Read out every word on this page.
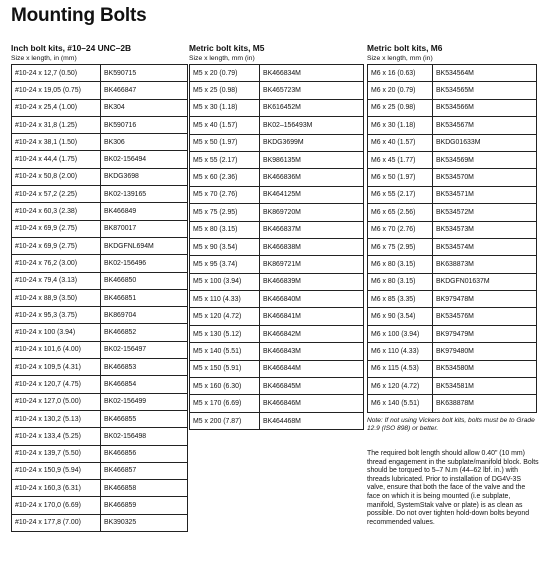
Mounting Bolts
Inch bolt kits, #10–24 UNC–2B
Size x length, in (mm)
#10-24 x 12,7 (0.50)	BK590715
#10-24 x 19,05 (0.75)	BK466847
#10-24 x 25,4 (1.00)	BK304
#10-24 x 31,8 (1.25)	BK590716
#10-24 x 38,1 (1.50)	BK306
#10-24 x 44,4 (1.75)	BK02-156494
#10-24 x 50,8 (2.00)	BKDG3698
#10-24 x 57,2 (2.25)	BK02-139165
#10-24 x 60,3 (2.38)	BK466849
#10-24 x 69,9 (2.75)	BK870017
#10-24 x 69,9 (2.75)	BKDGFNL694M
#10-24 x 76,2 (3.00)	BK02-156496
#10-24 x 79,4 (3.13)	BK466850
#10-24 x 88,9 (3.50)	BK466851
#10-24 x 95,3 (3.75)	BK869704
#10-24 x 100 (3.94)	BK466852
#10-24 x 101,6 (4.00)	BK02-156497
#10-24 x 109,5 (4.31)	BK466853
#10-24 x 120,7 (4.75)	BK466854
#10-24 x 127,0 (5.00)	BK02-156499
#10-24 x 130,2 (5.13)	BK466855
#10-24 x 133,4 (5.25)	BK02-156498
#10-24 x 139,7 (5.50)	BK466856
#10-24 x 150,9 (5.94)	BK466857
#10-24 x 160,3 (6.31)	BK466858
#10-24 x 170,0 (6.69)	BK466859
#10-24 x 177,8 (7.00)	BK390325
Metric bolt kits, M5
Size x length, mm (in)
M5 x 20 (0.79)	BK466834M
M5 x 25 (0.98)	BK465723M
M5 x 30 (1.18)	BK616452M
M5 x 40 (1.57)	BK02–156493M
M5 x 50 (1.97)	BKDG3699M
M5 x 55 (2.17)	BK986135M
M5 x 60 (2.36)	BK466836M
M5 x 70 (2.76)	BK464125M
M5 x 75 (2.95)	BK869720M
M5 x 80 (3.15)	BK466837M
M5 x 90 (3.54)	BK466838M
M5 x 95 (3.74)	BK869721M
M5 x 100 (3.94)	BK466839M
M5 x 110 (4.33)	BK466840M
M5 x 120 (4.72)	BK466841M
M5 x 130 (5.12)	BK466842M
M5 x 140 (5.51)	BK466843M
M5 x 150 (5.91)	BK466844M
M5 x 160 (6.30)	BK466845M
M5 x 170 (6.69)	BK466846M
M5 x 200 (7.87)	BK464468M
Metric bolt kits, M6
Size x length, mm (in)
M6 x 16 (0.63)	BK534564M
M6 x 20 (0.79)	BK534565M
M6 x 25 (0.98)	BK534566M
M6 x 30 (1.18)	BK534567M
M6 x 40 (1.57)	BKDG01633M
M6 x 45 (1.77)	BK534569M
M6 x 50 (1.97)	BK534570M
M6 x 55 (2.17)	BK534571M
M6 x 65 (2.56)	BK534572M
M6 x 70 (2.76)	BK534573M
M6 x 75 (2.95)	BK534574M
M6 x 80 (3.15)	BK638873M
M6 x 80 (3.15)	BKDGFN01637M
M6 x 85 (3.35)	BK979478M
M6 x 90 (3.54)	BK534576M
M6 x 100 (3.94)	BK979479M
M6 x 110 (4.33)	BK979480M
M6 x 115 (4.53)	BK534580M
M6 x 120 (4.72)	BK534581M
M6 x 140 (5.51)	BK638878M
Note: If not using Vickers bolt kits, bolts must be to Grade 12.9 (ISO 898) or better.
The required bolt length should allow 0.40" (10 mm) thread engagement in the subplate/manifold block. Bolts should be torqued to 5–7 N.m (44–62 lbf. in.) with threads lubricated. Prior to installation of DG4V-3S valve, ensure that both the face of the valve and the face on which it is being mounted (i.e subplate, manifold, SystemStak valve or plate) is as clean as possible. Do not over tighten hold-down bolts beyond recommended values.
